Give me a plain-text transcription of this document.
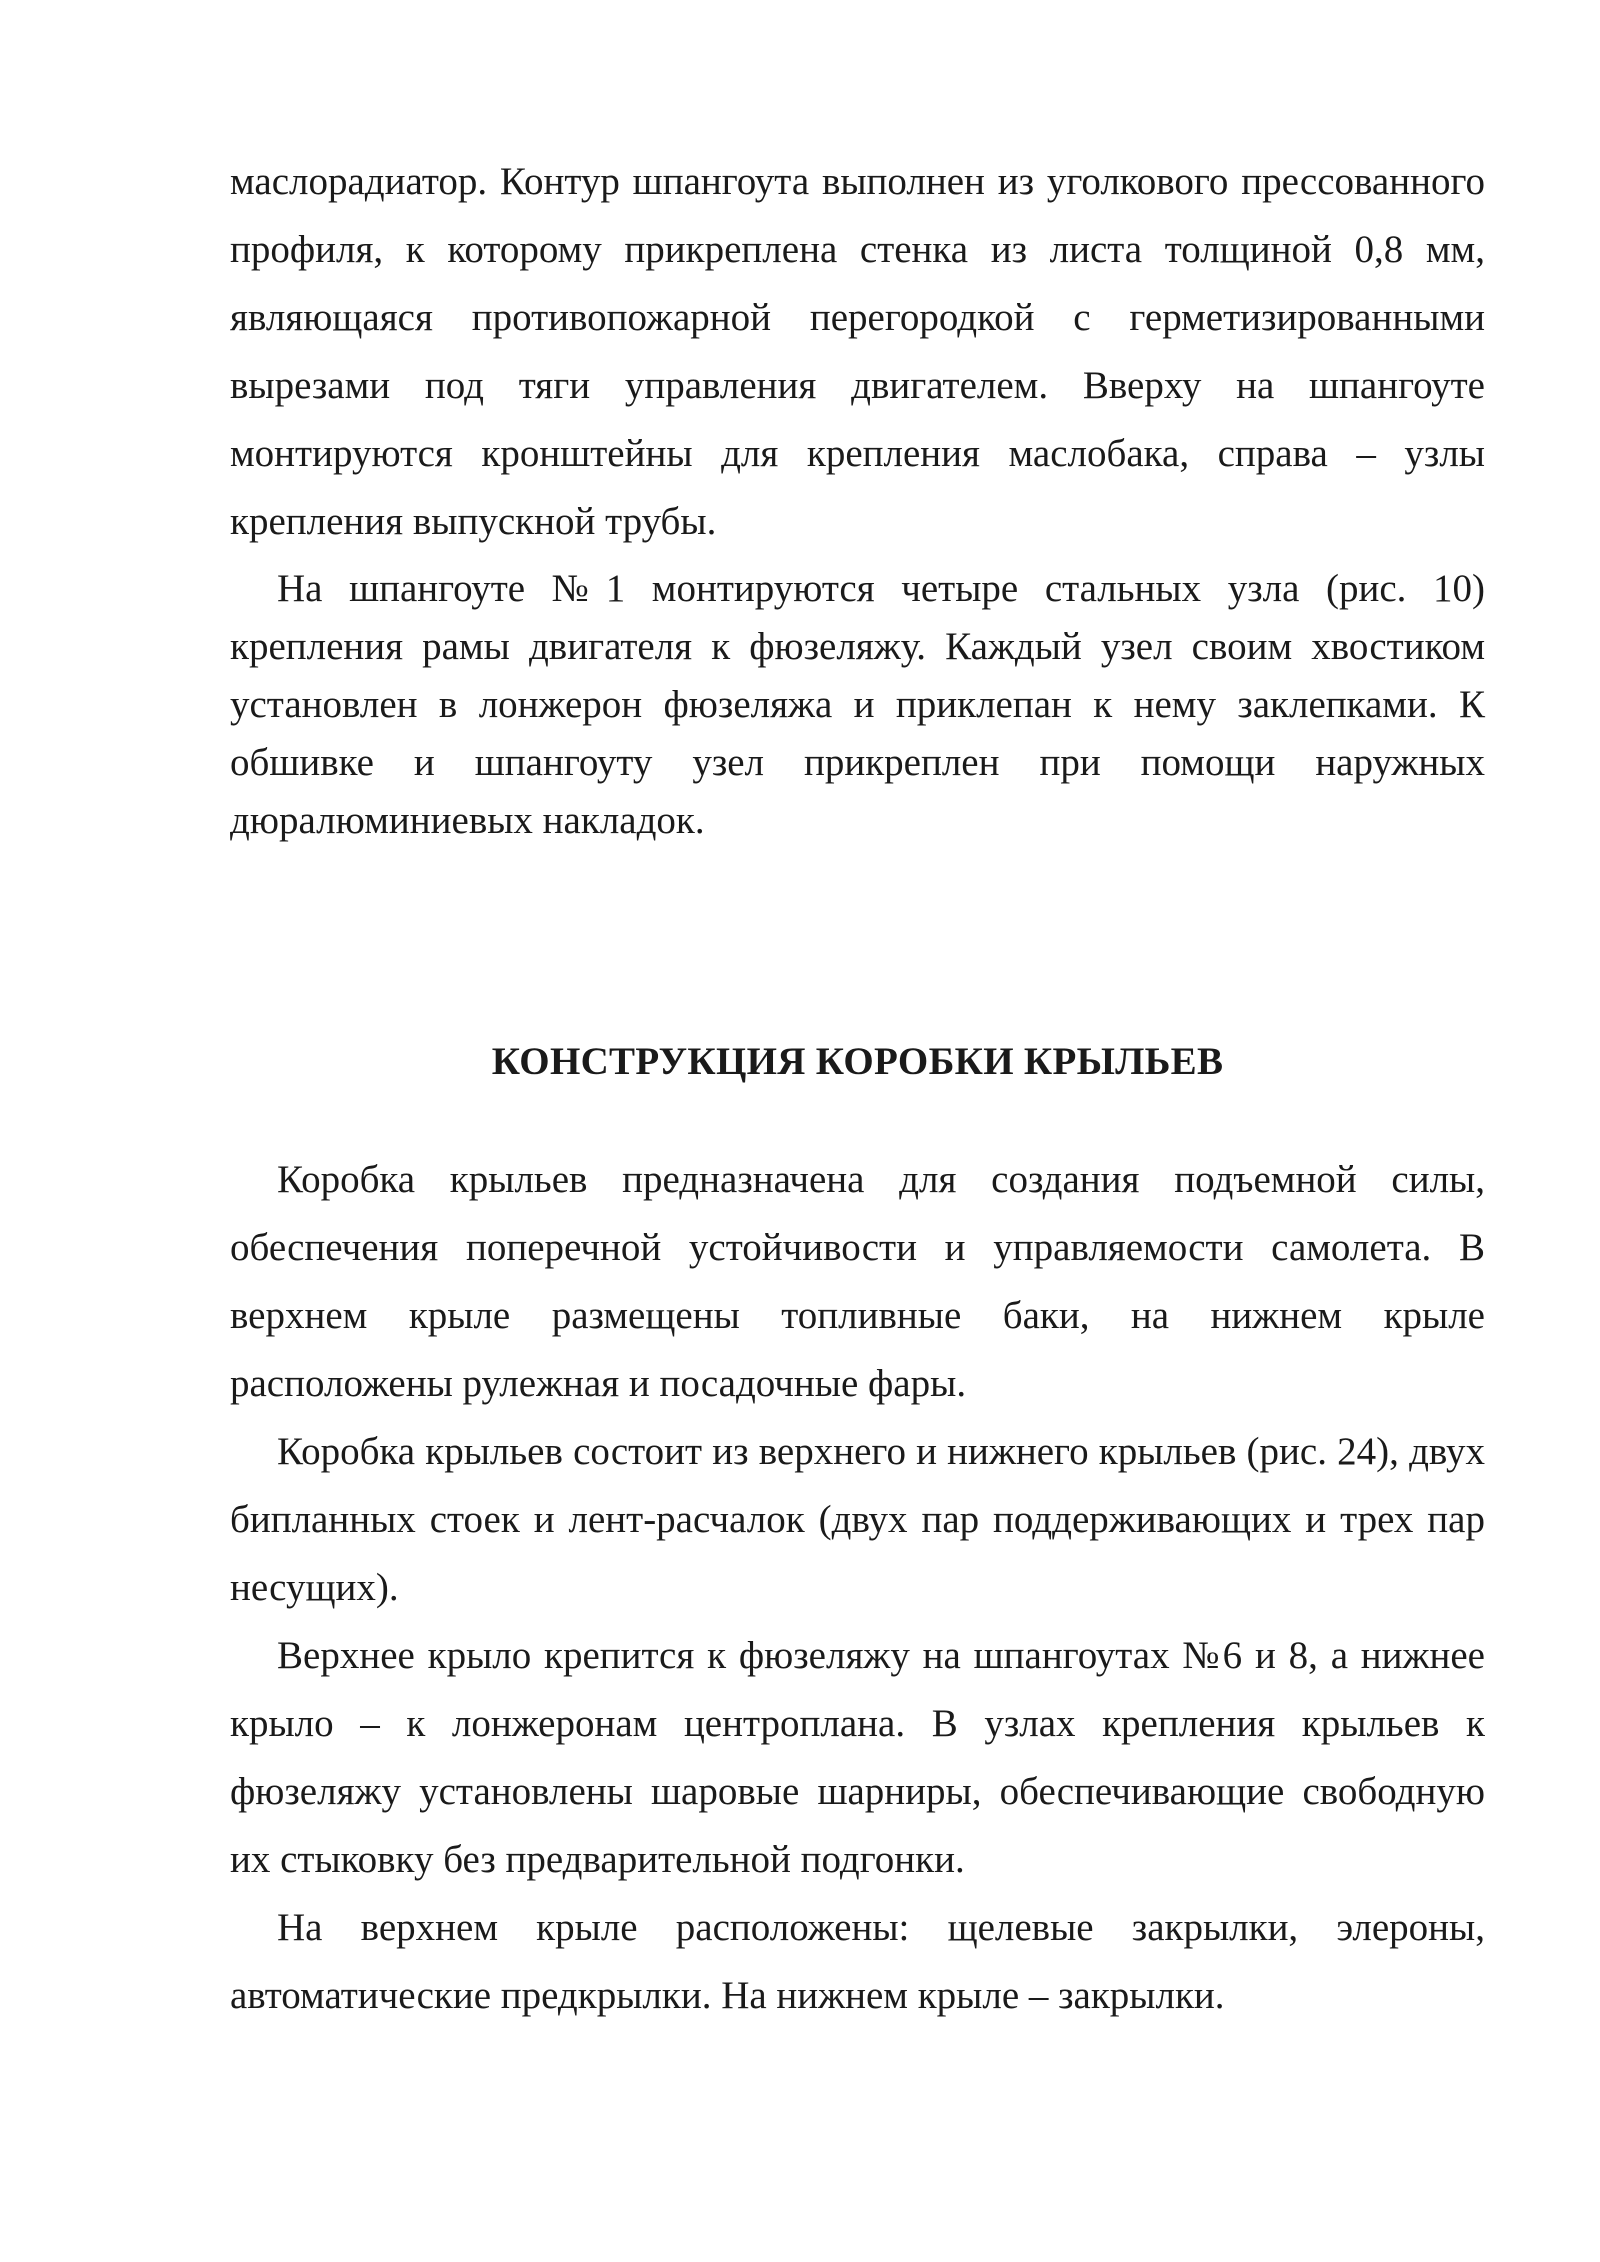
маслорадиатор. Контур шпангоута выполнен из уголкового прессованного профиля, к которому прикреплена стенка из листа толщиной 0,8 мм, являющаяся противопожарной перегородкой с герметизированными вырезами под тяги управления двигателем. Вверху на шпангоуте монтируются кронштейны для крепления маслобака, справа – узлы крепления выпускной трубы.

На шпангоуте №1 монтируются четыре стальных узла (рис. 10) крепления рамы двигателя к фюзеляжу. Каждый узел своим хвостиком установлен в лонжерон фюзеляжа и приклепан к нему заклепками. К обшивке и шпангоуту узел прикреплен при помощи наружных дюралюминиевых накладок.

КОНСТРУКЦИЯ КОРОБКИ КРЫЛЬЕВ

Коробка крыльев предназначена для создания подъемной силы, обеспечения поперечной устойчивости и управляемости самолета. В верхнем крыле размещены топливные баки, на нижнем крыле расположены рулежная и посадочные фары.

Коробка крыльев состоит из верхнего и нижнего крыльев (рис. 24), двух бипланных стоек и лент-расчалок (двух пар поддерживающих и трех пар несущих).

Верхнее крыло крепится к фюзеляжу на шпангоутах №6 и 8, а нижнее крыло – к лонжеронам центроплана. В узлах крепления крыльев к фюзеляжу установлены шаровые шарниры, обеспечивающие свободную их стыковку без предварительной подгонки.

На верхнем крыле расположены: щелевые закрылки, элероны, автоматические предкрылки. На нижнем крыле – закрылки.
